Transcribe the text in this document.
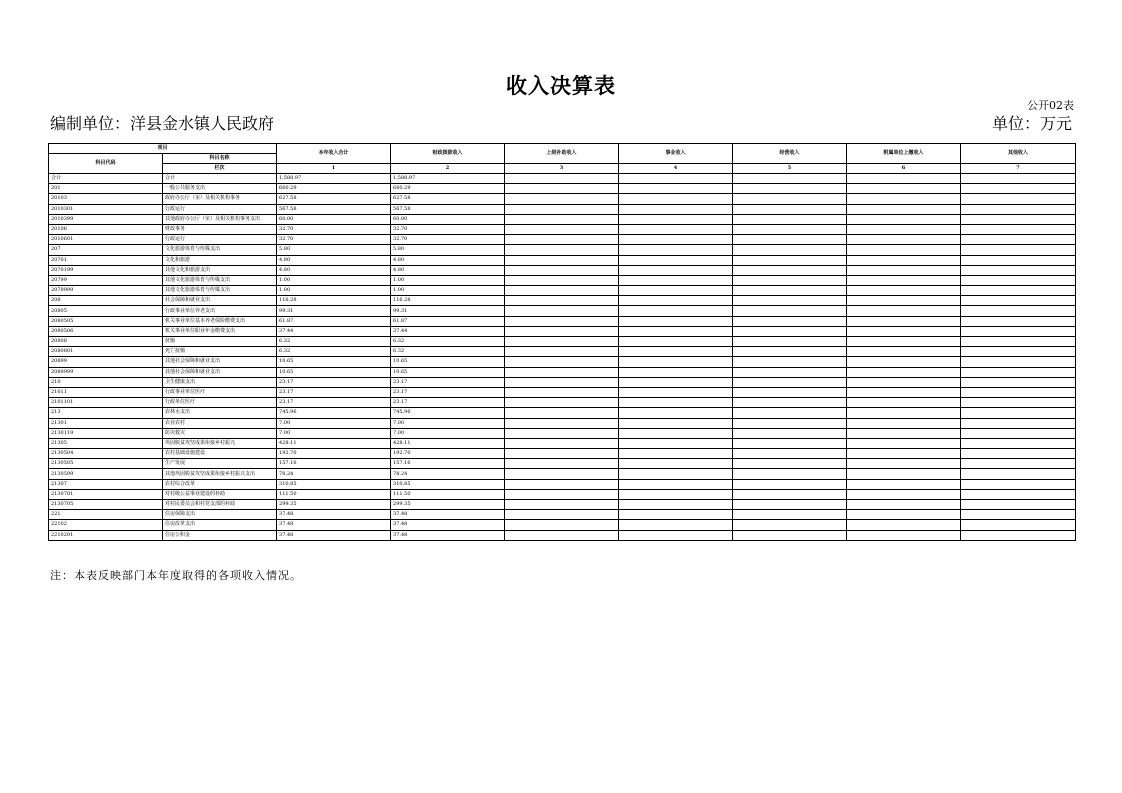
收入决算表
公开02表
编制单位：洋县金水镇人民政府	单位：万元
项目		本年收入合计	财政拨款收入	上级补助收入	事业收入	经营收入	附属单位上缴收入	其他收入
科目代码	科目名称							
	栏次	1	2	3	4	5	6	7
合计	合计	1,588.97	1,588.97					
201	一般公共服务支出	660.29	660.29					
20103	政府办公厅（室）及相关机构事务	627.58	627.58					
2010301	行政运行	567.58	567.58					
2010399	其他政府办公厅（室）及相关机构事务支出	60.00	60.00					
20106	财政事务	32.70	32.70					
2010601	行政运行	32.70	32.70					
207	文化旅游体育与传媒支出	5.80	5.80					
20701	文化和旅游	4.80	4.80					
2070199	其他文化和旅游支出	4.80	4.80					
20799	其他文化旅游体育与传媒支出	1.00	1.00					
2079999	其他文化旅游体育与传媒支出	1.00	1.00					
208	社会保障和就业支出	116.28	116.28					
20805	行政事业单位养老支出	99.31	99.31					
2080505	机关事业单位基本养老保险缴费支出	61.87	61.87					
2080506	机关事业单位职业年金缴费支出	37.44	37.44					
20808	抚恤	6.32	6.32					
2080801	死亡抚恤	6.32	6.32					
20899	其他社会保障和就业支出	10.65	10.65					
2089999	其他社会保障和就业支出	10.65	10.65					
210	卫生健康支出	23.17	23.17					
21011	行政事业单位医疗	23.17	23.17					
2101101	行政单位医疗	23.17	23.17					
213	农林水支出	745.96	745.96					
21301	农业农村	7.00	7.00					
2130119	防灾救灾	7.00	7.00					
21305	巩固脱贫攻坚成果衔接乡村振兴	428.11	428.11					
2130504	农村基础设施建设	192.70	192.70					
2130505	生产发展	157.16	157.16					
2130599	其他巩固脱贫攻坚成果衔接乡村振兴支出	78.24	78.24					
21307	农村综合改革	310.85	310.85					
2130701	对村级公益事业建设的补助	111.50	111.50					
2130705	对村民委员会和村党支部的补助	299.35	299.35					
221	住房保障支出	37.48	37.48					
22102	住房改革支出	37.48	37.48					
2210201	住房公积金	37.48	37.48					
注：本表反映部门本年度取得的各项收入情况。
